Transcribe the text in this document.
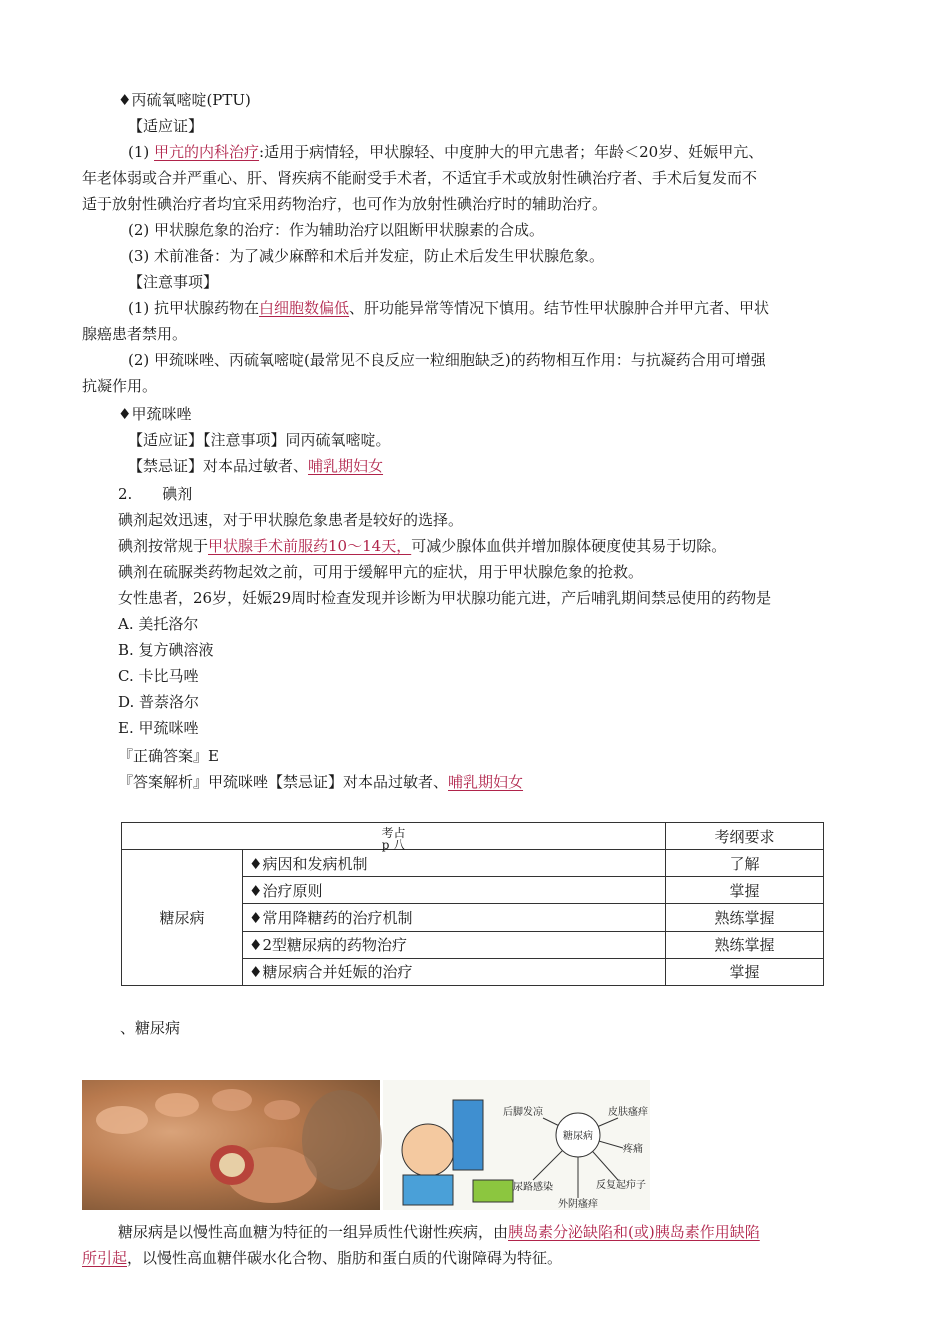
♦丙硫氧嘧啶(PTU)
【适应证】
(1) 甲亢的内科治疗:适用于病情轻，甲状腺轻、中度肿大的甲亢患者；年龄＜20岁、妊娠甲亢、
年老体弱或合并严重心、肝、肾疾病不能耐受手术者，不适宜手术或放射性碘治疗者、手术后复发而不
适于放射性碘治疗者均宜采用药物治疗，也可作为放射性碘治疗时的辅助治疗。
(2) 甲状腺危象的治疗：作为辅助治疗以阻断甲状腺素的合成。
(3) 术前准备：为了减少麻醉和术后并发症，防止术后发生甲状腺危象。
【注意事项】
(1) 抗甲状腺药物在白细胞数偏低、肝功能异常等情况下慎用。结节性甲状腺肿合并甲亢者、甲状
腺癌患者禁用。
(2) 甲巯咪唑、丙硫氧嘧啶(最常见不良反应一粒细胞缺乏)的药物相互作用：与抗凝药合用可增强
抗凝作用。
♦甲巯咪唑
【适应证】【注意事项】同丙硫氧嘧啶。
【禁忌证】对本品过敏者、哺乳期妇女
2.　　碘剂
碘剂起效迅速，对于甲状腺危象患者是较好的选择。
碘剂按常规于甲状腺手术前服药10～14天，可减少腺体血供并增加腺体硬度使其易于切除。
碘剂在硫脲类药物起效之前，可用于缓解甲亢的症状，用于甲状腺危象的抢救。
女性患者，26岁，妊娠29周时检查发现并诊断为甲状腺功能亢进，产后哺乳期间禁忌使用的药物是
A. 美托洛尔
B. 复方碘溶液
C. 卡比马唑
D. 普萘洛尔
E. 甲巯咪唑
『正确答案』E
『答案解析』甲巯咪唑【禁忌证】对本品过敏者、哺乳期妇女
考占
p 八		考纲要求
糖尿病	♦病因和发病机制	了解
	♦治疗原则	掌握
	♦常用降糖药的治疗机制	熟练掌握
	♦2型糖尿病的药物治疗	熟练掌握
	♦糖尿病合并妊娠的治疗	掌握
、糖尿病
糖尿病
后脚发凉	皮肤瘙痒
疼痛
反复起疖子
外阴瘙痒
尿路感染
糖尿病是以慢性高血糖为特征的一组异质性代谢性疾病，由胰岛素分泌缺陷和(或)胰岛素作用缺陷
所引起，以慢性高血糖伴碳水化合物、脂肪和蛋白质的代谢障碍为特征。
